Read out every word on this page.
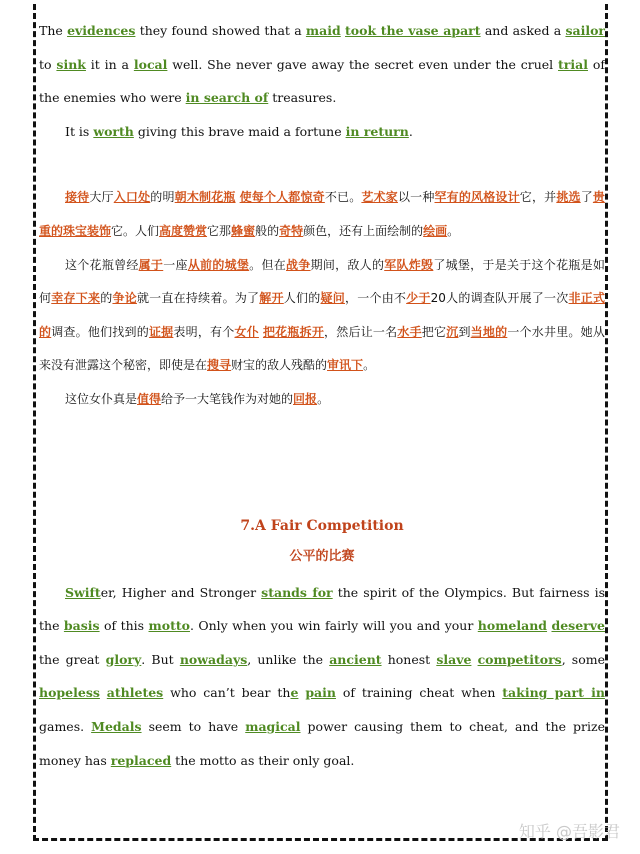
The evidences they found showed that a maid took the vase apart and asked a sailor to sink it in a local well. She never gave away the secret even under the cruel trial of the enemies who were in search of treasures.

It is worth giving this brave maid a fortune in return.

接待大厅入口处的明朝木制花瓶 使每个人都惊奇不已。艺术家以一种罕有的风格设计它，并挑选了贵重的珠宝装饰它。人们高度赞赏它那蜂蜜般的奇特颜色，还有上面绘制的绘画。

这个花瓶曾经属于一座从前的城堡。但在战争期间，敌人的军队炸毁了城堡，于是关于这个花瓶是如何幸存下来的争论就一直在持续着。为了解开人们的疑问，一个由不少于20人的调查队开展了一次非正式的调查。他们找到的证据表明，有个女仆 把花瓶拆开，然后让一名水手把它沉到当地的一个水井里。她从来没有泄露这个秘密，即使是在搜寻财宝的敌人残酷的审讯下。

这位女仆真是值得给予一大笔钱作为对她的回报。

7.A Fair Competition
公平的比赛

Swifter, Higher and Stronger stands for the spirit of the Olympics. But fairness is the basis of this motto. Only when you win fairly will you and your homeland deserve the great glory. But nowadays, unlike the ancient honest slave competitors, some hopeless athletes who can’t bear the pain of training cheat when taking part in games. Medals seem to have magical power causing them to cheat, and the prize money has replaced the motto as their only goal.

知乎 @吾影君
